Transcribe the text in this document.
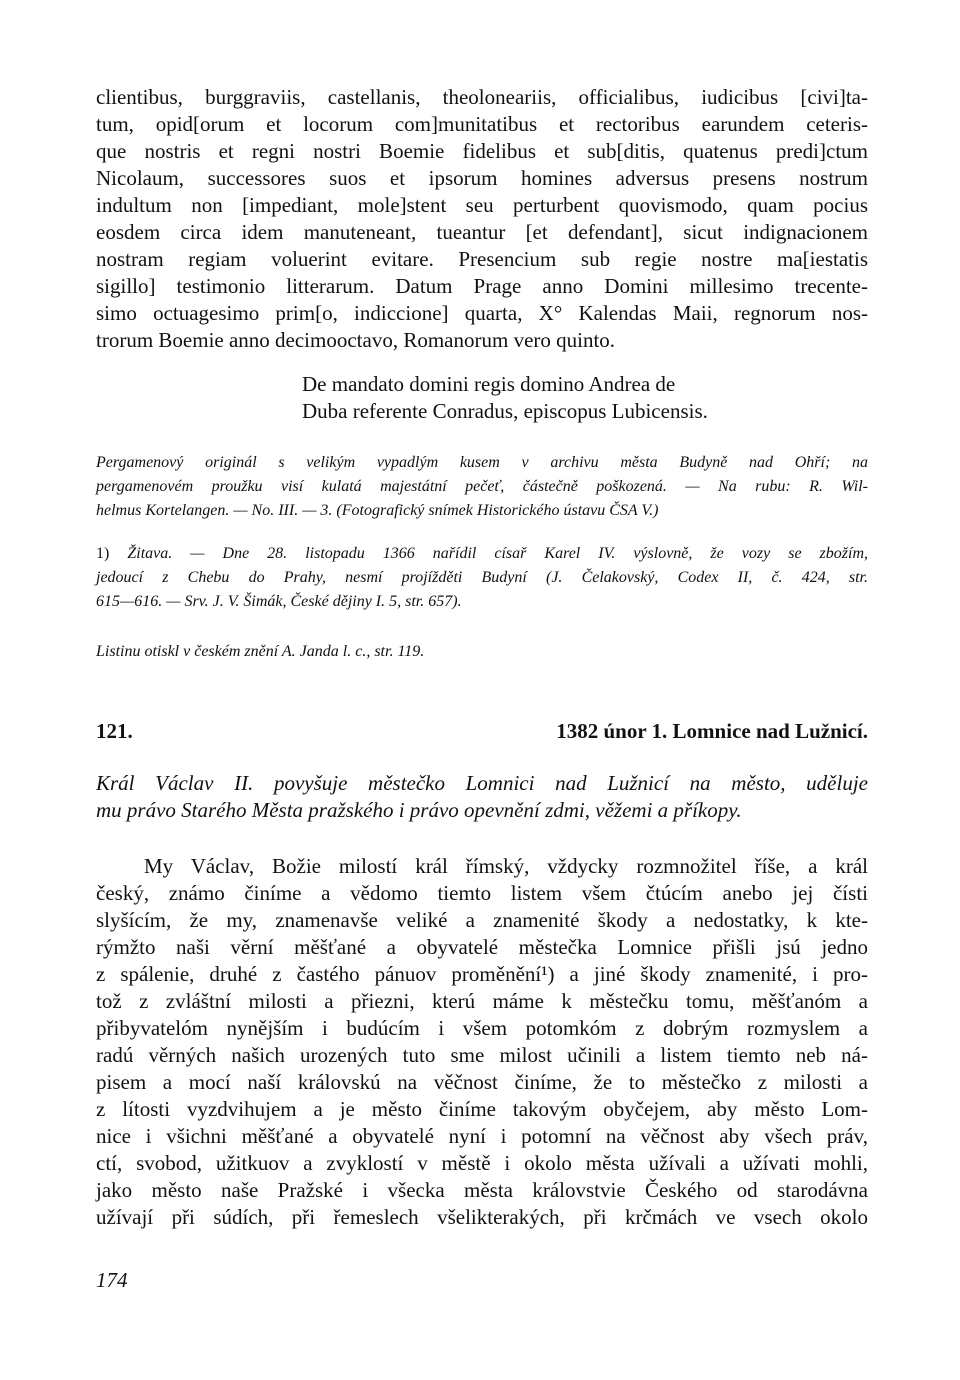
clientibus, burggraviis, castellanis, theolonearііs, officialibus, iudicibus [civi]ta-
tum, opid[orum et locorum com]munitatibus et rectoribus earundem ceteris-
que nostris et regni nostri Boemie fidelibus et sub[ditis, quatenus predi]ctum
Nicolaum, successores suos et ipsorum homines adversus presens nostrum
indultum non [impediant, mole]stent seu perturbent quovismodo, quam pocius
eosdem circa idem manuteneant, tueantur [et defendant], sicut indignacionem
nostram regiam voluerint evitare. Presencium sub regie nostre ma[iestatis
sigillo] testimonio litterarum. Datum Prage anno Domini millesimo trecente-
simo octuagesimo prim[o, indiccione] quarta, X° Kalendas Maii, regnorum nos-
trorum Boemie anno decimooctavo, Romanorum vero quinto.
De mandato domini regis domino Andrea de
Duba referente Conradus, episcopus Lubicensis.
Pergamenový originál s velikým vypadlým kusem v archivu města Budyně nad Ohří; na
pergamenovém proužku visí kulatá majestátní pečeť, částečně poškozená. — Na rubu: R. Wil-
helmus Kortelangen. — No. III. — 3. (Fotografický snímek Historického ústavu ČSA V.)
1) Žitava. — Dne 28. listopadu 1366 nařídil císař Karel IV. výslovně, že vozy se zbožím,
jedoucí z Chebu do Prahy, nesmí projížděti Budyní (J. Čelakovský, Codex II, č. 424, str.
615—616. — Srv. J. V. Šimák, České dějiny I. 5, str. 657).
Listinu otiskl v českém znění A. Janda l. c., str. 119.
121.	1382 únor 1. Lomnice nad Lužnicí.
Král Václav II. povyšuje městečko Lomnici nad Lužnicí na město, uděluje
mu právo Starého Města pražského i právo opevnění zdmi, věžemi a příkopy.
My Václav, Božie milostí král římský, vždycky rozmnožitel říše, a král
český, známo činíme a vědomo tiemto listem všem čtúcím anebo jej čísti
slyšícím, že my, znamenavše veliké a znamenité škody a nedostatky, k kte-
rýmžto naši věrní měšťané a obyvatelé městečka Lomnice přišli jsú jedno
z spálenie, druhé z častého pánuov proměnění¹) a jiné škody znamenité, i pro-
tož z zvláštní milosti a přiezni, kterú máme k městečku tomu, měšťanóm a
přibyvatelóm nynějším i budúcím i všem potomkóm z dobrým rozmyslem a
radú věrných našich urozených tuto sme milost učinili a listem tiemto neb ná-
pisem a mocí naší královskú na věčnost činíme, že to městečko z milosti a
z lítosti vyzdvihujem a je město činíme takovým obyčejem, aby město Lom-
nice i všichni měšťané a obyvatelé nyní i potomní na věčnost aby všech práv,
ctí, svobod, užitkuov a zvyklostí v městě i okolo města užívali a užívati mohli,
jako město naše Pražské i všecka města královstvie Českého od starodávna
užívají při súdích, při řemeslech všelikterakých, při krčmách ve vsech okolo
174
